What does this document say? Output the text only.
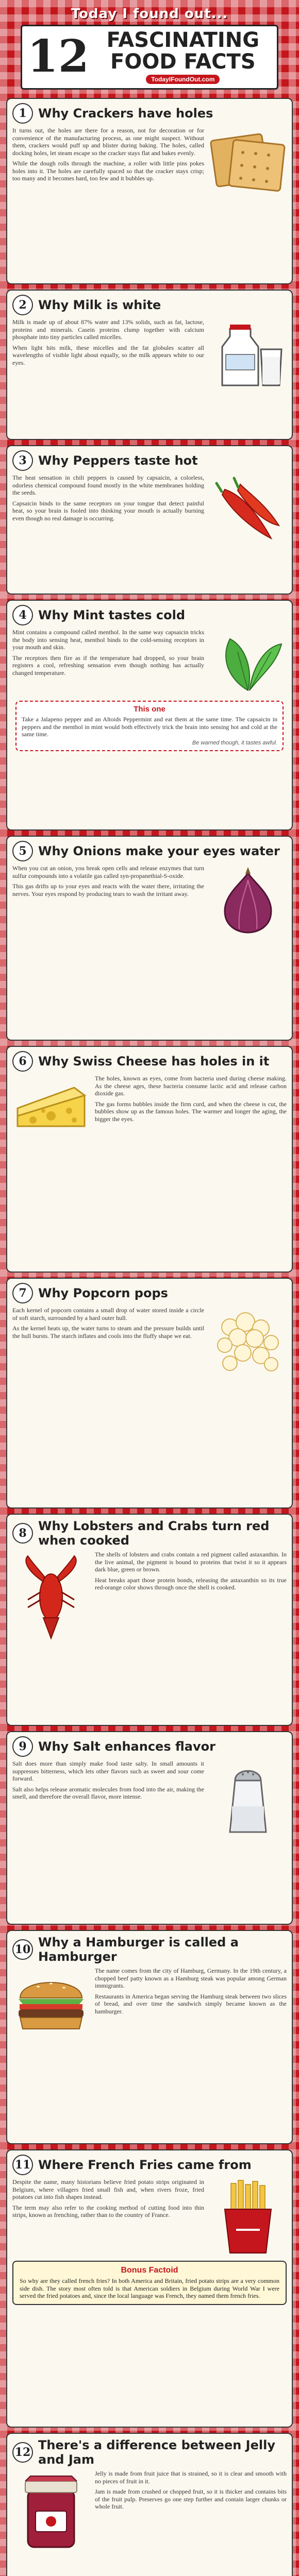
Today I found out...
12 FASCINATING
FOOD FACTS
TodayIFoundOut.com
1 Why Crackers have holes

It turns out, the holes are there for a reason, not for decoration or for convenience of the manufacturing process, as one might suspect. Without them, crackers would puff up and blister during baking. The holes, called docking holes, let steam escape so the cracker stays flat and bakes evenly.

While the dough rolls through the machine, a roller with little pins pokes holes into it. The holes are carefully spaced so that the cracker stays crisp; too many and it becomes hard, too few and it bubbles up.

2 Why Milk is white

Milk is made up of about 87% water and 13% solids, such as fat, lactose, proteins and minerals. Casein proteins clump together with calcium phosphate into tiny particles called micelles.

When light hits milk, these micelles and the fat globules scatter all wavelengths of visible light about equally, so the milk appears white to our eyes.

3 Why Peppers taste hot

The heat sensation in chili peppers is caused by capsaicin, a colorless, odorless chemical compound found mostly in the white membranes holding the seeds.

Capsaicin binds to the same receptors on your tongue that detect painful heat, so your brain is fooled into thinking your mouth is actually burning even though no real damage is occurring.

4 Why Mint tastes cold

Mint contains a compound called menthol. In the same way capsaicin tricks the body into sensing heat, menthol binds to the cold-sensing receptors in your mouth and skin.

The receptors then fire as if the temperature had dropped, so your brain registers a cool, refreshing sensation even though nothing has actually changed temperature.

This one
Take a Jalapeno pepper and an Altoids Peppermint and eat them at the same time. The capsaicin in peppers and the menthol in mint would both effectively trick the brain into sensing hot and cold at the same time.
Be warned though, it tastes awful.
5 Why Onions make your eyes water

When you cut an onion, you break open cells and release enzymes that turn sulfur compounds into a volatile gas called syn-propanethial-S-oxide.

This gas drifts up to your eyes and reacts with the water there, irritating the nerves. Your eyes respond by producing tears to wash the irritant away.

6 Why Swiss Cheese has holes in it

The holes, known as eyes, come from bacteria used during cheese making. As the cheese ages, these bacteria consume lactic acid and release carbon dioxide gas.

The gas forms bubbles inside the firm curd, and when the cheese is cut, the bubbles show up as the famous holes. The warmer and longer the aging, the bigger the eyes.

7 Why Popcorn pops

Each kernel of popcorn contains a small drop of water stored inside a circle of soft starch, surrounded by a hard outer hull.

As the kernel heats up, the water turns to steam and the pressure builds until the hull bursts. The starch inflates and cools into the fluffy shape we eat.

8 Why Lobsters and Crabs turn red when cooked

The shells of lobsters and crabs contain a red pigment called astaxanthin. In the live animal, the pigment is bound to proteins that twist it so it appears dark blue, green or brown.

Heat breaks apart those protein bonds, releasing the astaxanthin so its true red-orange color shows through once the shell is cooked.

9 Why Salt enhances flavor

Salt does more than simply make food taste salty. In small amounts it suppresses bitterness, which lets other flavors such as sweet and sour come forward.

Salt also helps release aromatic molecules from food into the air, making the smell, and therefore the overall flavor, more intense.

10 Why a Hamburger is called a Hamburger

The name comes from the city of Hamburg, Germany. In the 19th century, a chopped beef patty known as a Hamburg steak was popular among German immigrants.

Restaurants in America began serving the Hamburg steak between two slices of bread, and over time the sandwich simply became known as the hamburger.

11 Where French Fries came from

Despite the name, many historians believe fried potato strips originated in Belgium, where villagers fried small fish and, when rivers froze, fried potatoes cut into fish shapes instead.

The term may also refer to the cooking method of cutting food into thin strips, known as frenching, rather than to the country of France.

Bonus Factoid
So why are they called french fries? In both America and Britain, fried potato strips are a very common side dish. The story most often told is that American soldiers in Belgium during World War I were served the fried potatoes and, since the local language was French, they named them french fries.
12 There's a difference between Jelly and Jam

Jelly is made from fruit juice that is strained, so it is clear and smooth with no pieces of fruit in it.

Jam is made from crushed or chopped fruit, so it is thicker and contains bits of the fruit pulp. Preserves go one step further and contain larger chunks or whole fruit.
